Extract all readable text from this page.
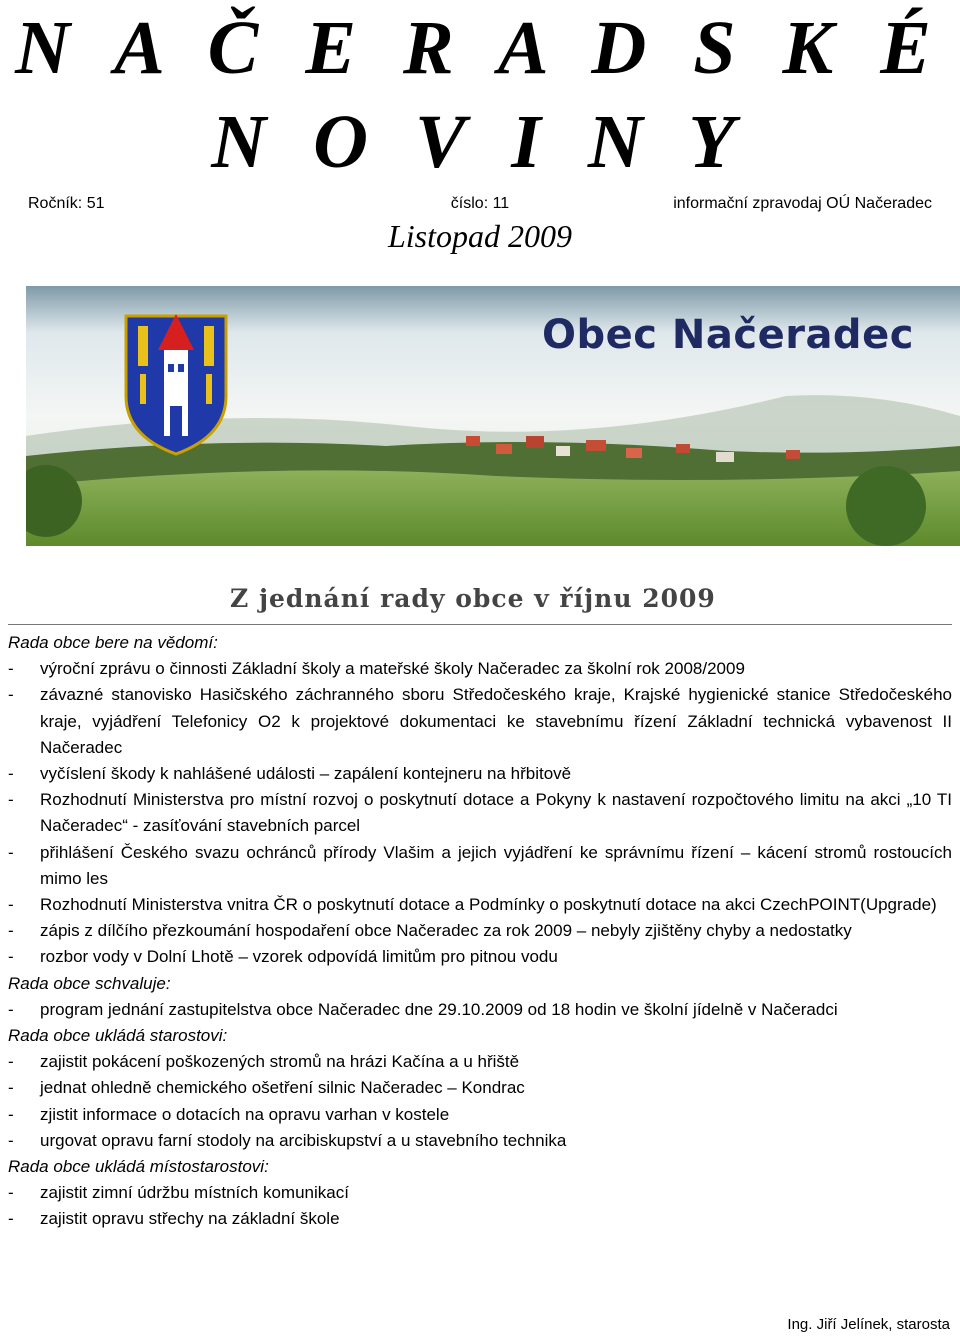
N A Č E R A D S K É
N O V I N Y
Ročník: 51	číslo: 11	informační zpravodaj OÚ Načeradec
Listopad 2009
Obec Načeradec
Z jednání rady obce v říjnu 2009
Rada obce bere na vědomí:
- výroční zprávu o činnosti Základní školy a mateřské školy Načeradec za školní rok 2008/2009
- závazné stanovisko Hasičského záchranného sboru Středočeského kraje, Krajské hygienické stanice Středočeského kraje, vyjádření Telefonicy O2 k projektové dokumentaci ke stavebnímu řízení Základní technická vybavenost II Načeradec
- vyčíslení škody k nahlášené události – zapálení kontejneru na hřbitově
- Rozhodnutí Ministerstva pro místní rozvoj o poskytnutí dotace a Pokyny k nastavení rozpočtového limitu na akci „10 TI Načeradec“ - zasíťování stavebních parcel
- přihlášení Českého svazu ochránců přírody Vlašim a jejich vyjádření ke správnímu řízení – kácení stromů rostoucích mimo les
- Rozhodnutí Ministerstva vnitra ČR o poskytnutí dotace a Podmínky o poskytnutí dotace na akci CzechPOINT(Upgrade)
- zápis z dílčího přezkoumání hospodaření obce Načeradec za rok 2009 – nebyly zjištěny chyby a nedostatky
- rozbor vody v Dolní Lhotě – vzorek odpovídá limitům pro pitnou vodu
Rada obce schvaluje:
- program jednání zastupitelstva obce Načeradec dne 29.10.2009 od 18 hodin ve školní jídelně v Načeradci
Rada obce ukládá starostovi:
- zajistit pokácení poškozených stromů na hrázi Kačína a u hřiště
- jednat ohledně chemického ošetření silnic Načeradec – Kondrac
- zjistit informace o dotacích na opravu varhan v kostele
- urgovat opravu farní stodoly na arcibiskupství a u stavebního technika
Rada obce ukládá místostarostovi:
- zajistit zimní údržbu místních komunikací
- zajistit opravu střechy na základní škole
Ing. Jiří Jelínek, starosta
